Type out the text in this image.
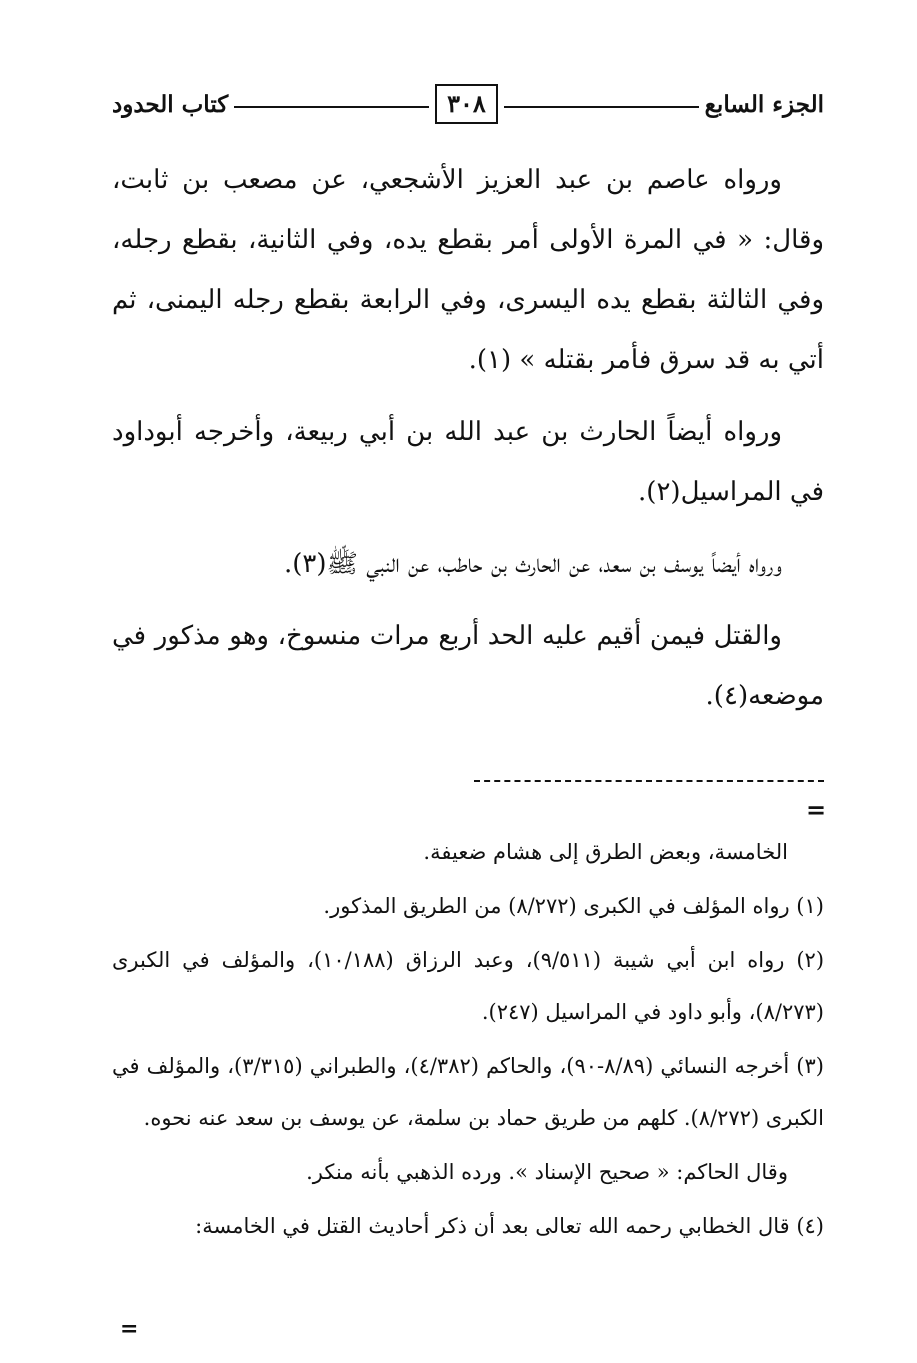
الجزء السابع
٣٠٨
كتاب الحدود

ورواه عاصم بن عبد العزيز الأشجعي، عن مصعب بن ثابت، وقال: « في المرة الأولى أمر بقطع يده، وفي الثانية، بقطع رجله، وفي الثالثة بقطع يده اليسرى، وفي الرابعة بقطع رجله اليمنى، ثم أتي به قد سرق فأمر بقتله » (١).

ورواه أيضاً الحارث بن عبد الله بن أبي ربيعة، وأخرجه أبوداود في المراسيل(٢).

ورواه أيضاً يوسف بن سعد، عن الحارث بن حاطب، عن النبي ﷺ(٣).

والقتل فيمن أقيم عليه الحد أربع مرات منسوخ، وهو مذكور في موضعه(٤).

=

الخامسة، وبعض الطرق إلى هشام ضعيفة.

(١) رواه المؤلف في الكبرى (٨/٢٧٢) من الطريق المذكور.

(٢) رواه ابن أبي شيبة (٩/٥١١)، وعبد الرزاق (١٠/١٨٨)، والمؤلف في الكبرى (٨/٢٧٣)، وأبو داود في المراسيل (٢٤٧).

(٣) أخرجه النسائي (٨/٨٩-٩٠)، والحاكم (٤/٣٨٢)، والطبراني (٣/٣١٥)، والمؤلف في الكبرى (٨/٢٧٢). كلهم من طريق حماد بن سلمة، عن يوسف بن سعد عنه نحوه.

وقال الحاكم: « صحيح الإسناد ». ورده الذهبي بأنه منكر.

(٤) قال الخطابي رحمه الله تعالى بعد أن ذكر أحاديث القتل في الخامسة:

=
